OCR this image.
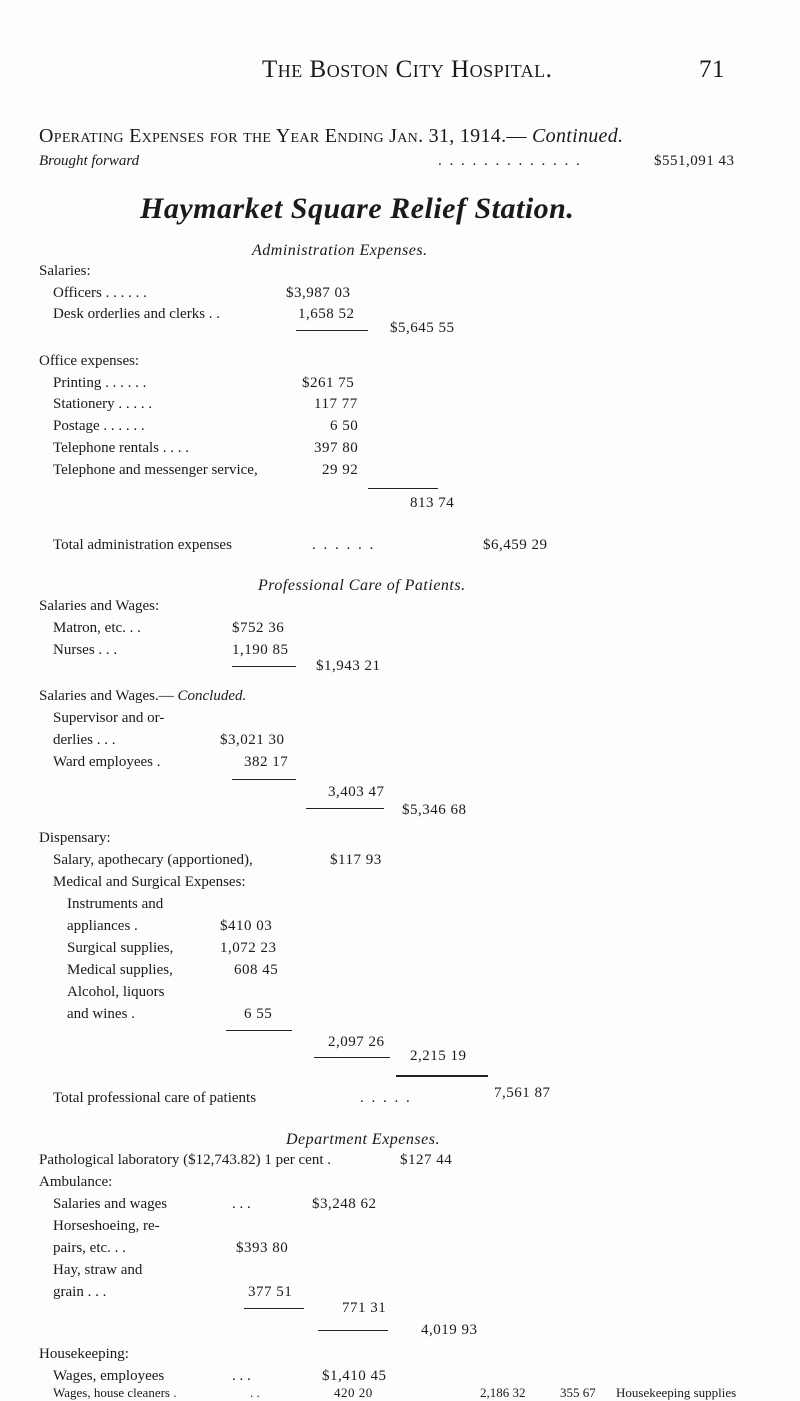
The Boston City Hospital.	71
Operating Expenses for the Year Ending Jan. 31, 1914.— Continued.
Brought forward	. . . . . . . . . . . . .	$551,091 43
Haymarket Square Relief Station.
Administration Expenses.
Salaries:
Officers . . . . . .	$3,987 03
Desk orderlies and clerks . .	1,658 52
$5,645 55
Office expenses:
Printing . . . . . .	$261 75
Stationery . . . . .	117 77
Postage . . . . . .	6 50
Telephone rentals . . . .	397 80
Telephone and messenger service,	29 92
813 74
Total administration expenses	. . . . . .	$6,459 29
Professional Care of Patients.
Salaries and Wages:
Matron, etc. . .	$752 36
Nurses . . .	1,190 85
$1,943 21
Salaries and Wages.— Concluded.
Supervisor and or-
derlies . . .	$3,021 30
Ward employees .	382 17
3,403 47
$5,346 68
Dispensary:
Salary, apothecary (apportioned),	$117 93
Medical and Surgical Expenses:
Instruments and
appliances .	$410 03
Surgical supplies,	1,072 23
Medical supplies,	608 45
Alcohol, liquors
and wines .	6 55
2,097 26
2,215 19
Total professional care of patients	. . . . .	7,561 87
Department Expenses.
Pathological laboratory ($12,743.82) 1 per cent .	$127 44
Ambulance:
Salaries and wages	. . .	$3,248 62
Horseshoeing, re-
pairs, etc. . .	$393 80
Hay, straw and
grain . . .	377 51
771 31
4,019 93
Housekeeping:
Wages, employees	. . .	$1,410 45
Wages, house cleaners .	. .	420 20	2,186 32	355 67 Housekeeping supplies
